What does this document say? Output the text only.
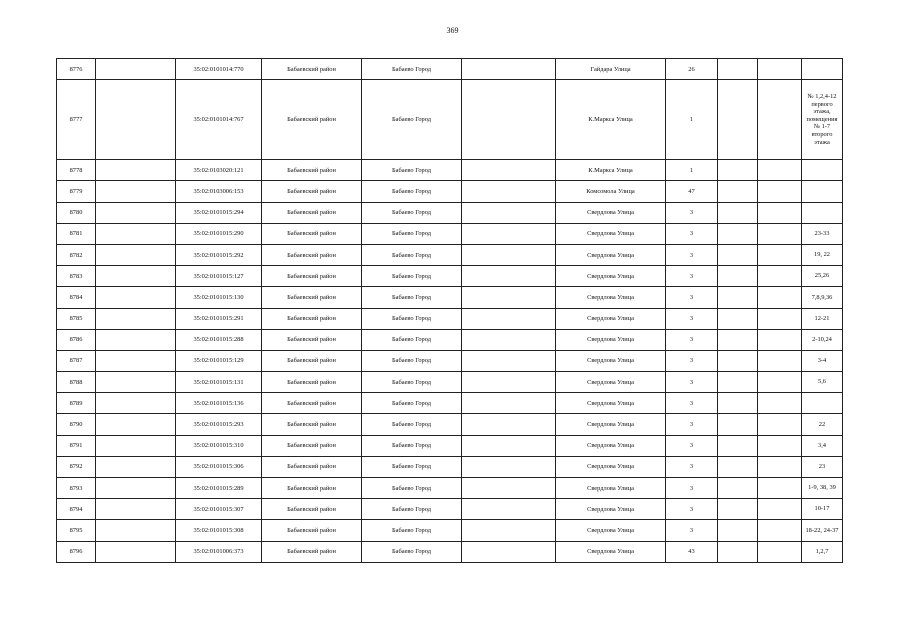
369
8776		35:02:0101014:770	Бабаевский район	Бабаево Город		Гайдара Улица	26			
8777		35:02:0101014:767	Бабаевский район	Бабаево Город		К.Маркса Улица	1			№ 1,2,4-12 первого этажа, помещения № 1-7 второго этажа
8778		35:02:0103020:121	Бабаевский район	Бабаево Город		К.Маркса Улица	1			
8779		35:02:0103006:153	Бабаевский район	Бабаево Город		Комсомола Улица	47			
8780		35:02:0101015:294	Бабаевский район	Бабаево Город		Свердлова Улица	3			
8781		35:02:0101015:290	Бабаевский район	Бабаево Город		Свердлова Улица	3			23-33
8782		35:02:0101015:292	Бабаевский район	Бабаево Город		Свердлова Улица	3			19, 22
8783		35:02:0101015:127	Бабаевский район	Бабаево Город		Свердлова Улица	3			25,26
8784		35:02:0101015:130	Бабаевский район	Бабаево Город		Свердлова Улица	3			7,8,9,36
8785		35:02:0101015:291	Бабаевский район	Бабаево Город		Свердлова Улица	3			12-21
8786		35:02:0101015:288	Бабаевский район	Бабаево Город		Свердлова Улица	3			2-10,24
8787		35:02:0101015:129	Бабаевский район	Бабаево Город		Свердлова Улица	3			3-4
8788		35:02:0101015:131	Бабаевский район	Бабаево Город		Свердлова Улица	3			5,6
8789		35:02:0101015:136	Бабаевский район	Бабаево Город		Свердлова Улица	3			
8790		35:02:0101015:293	Бабаевский район	Бабаево Город		Свердлова Улица	3			22
8791		35:02:0101015:310	Бабаевский район	Бабаево Город		Свердлова Улица	3			3,4
8792		35:02:0101015:306	Бабаевский район	Бабаево Город		Свердлова Улица	3			23
8793		35:02:0101015:289	Бабаевский район	Бабаево Город		Свердлова Улица	3			1-9, 38, 39
8794		35:02:0101015:307	Бабаевский район	Бабаево Город		Свердлова Улица	3			10-17
8795		35:02:0101015:308	Бабаевский район	Бабаево Город		Свердлова Улица	3			18-22, 24-37
8796		35:02:0101006:373	Бабаевский район	Бабаево Город		Свердлова Улица	43			1,2,7
